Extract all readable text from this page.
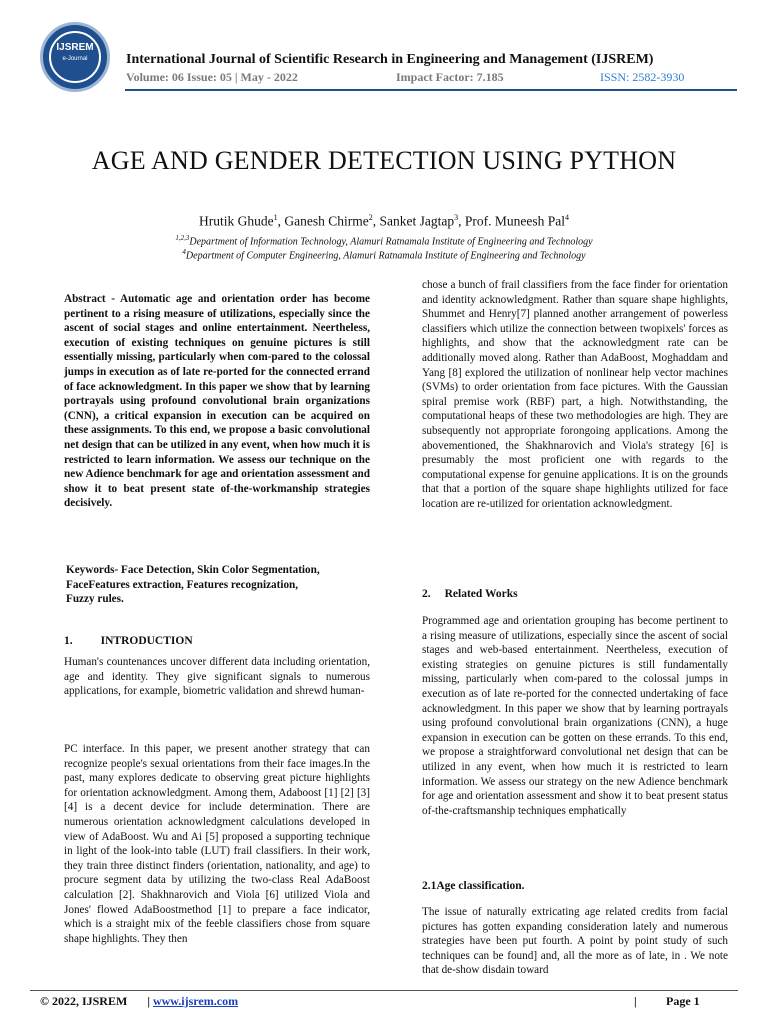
IJSREM
e-Journal	International Journal of Scientific Research in Engineering and Management (IJSREM)
Volume: 06 Issue: 05 | May - 2022	Impact Factor: 7.185	ISSN: 2582-3930
AGE AND GENDER DETECTION USING PYTHON
Hrutik Ghude$^1$, Ganesh Chirme$^2$, Sanket Jagtap$^3$, Prof. Muneesh Pal$^4$
$^{1,2,3}$Department of Information Technology, Alamuri Ratnamala Institute of Engineering and Technology
$^4$Department of Computer Engineering, Alamuri Ratnamala Institute of Engineering and Technology

Abstract - Automatic age and orientation order has become pertinent to a rising measure of utilizations, especially since the ascent of social stages and online entertainment. Neertheless, execution of existing techniques on genuine pictures is still essentially missing, particularly when com-pared to the colossal jumps in execution as of late re-ported for the connected errand of face acknowledgment. In this paper we show that by learning portrayals using profound convolutional brain organizations (CNN), a critical expansion in execution can be acquired on these assignments. To this end, we propose a basic convolutional net design that can be utilized in any event, when how much it is restricted to learn information. We assess our technique on the new Adience benchmark for age and orientation assessment and show it to beat present state of-the-workmanship strategies decisively.

Keywords- Face Detection, Skin Color Segmentation,

FaceFeatures extraction, Features recognization,

Fuzzy rules.

1. INTRODUCTION

Human's countenances uncover different data including orientation, age and identity. They give significant signals to numerous applications, for example, biometric validation and shrewd human-

PC interface. In this paper, we present another strategy that can recognize people's sexual orientations from their face images.In the past, many explores dedicate to observing great picture highlights for orientation acknowledgment. Among them, Adaboost [1] [2] [3] [4] is a decent device for include determination. There are numerous orientation acknowledgment calculations developed in view of AdaBoost. Wu and Ai [5] proposed a supporting technique in light of the look-into table (LUT) frail classifiers. In their work, they train three distinct finders (orientation, nationality, and age) to procure segment data by utilizing the two-class Real AdaBoost calculation [2]. Shakhnarovich and Viola [6] utilized Viola and Jones' flowed AdaBoostmethod [1] to prepare a face indicator, which is a straight mix of the feeble classifiers chose from square shape highlights. They then

chose a bunch of frail classifiers from the face finder for orientation and identity acknowledgment. Rather than square shape highlights, Shummet and Henry[7] planned another arrangement of powerless classifiers which utilize the connection between twopixels' forces as highlights, and show that the acknowledgment rate can be additionally moved along. Rather than AdaBoost, Moghaddam and Yang [8] explored the utilization of nonlinear help vector machines (SVMs) to order orientation from face pictures. With the Gaussian spiral premise work (RBF) part, a high. Notwithstanding, the computational heaps of these two methodologies are high. They are subsequently not appropriate forongoing applications. Among the abovementioned, the Shakhnarovich and Viola's strategy [6] is presumably the most proficient one with regards to the computational expense for genuine applications. It is on the grounds that that a portion of the square shape highlights utilized for face location are re-utilized for orientation acknowledgment.

2. Related Works

Programmed age and orientation grouping has become pertinent to a rising measure of utilizations, especially since the ascent of social stages and web-based entertainment. Neertheless, execution of existing strategies on genuine pictures is still fundamentally missing, particularly when com-pared to the colossal jumps in execution as of late re-ported for the connected undertaking of face acknowledgment. In this paper we show that by learning portrayals using profound convolutional brain organizations (CNN), a huge expansion in execution can be gotten on these errands. To this end, we propose a straightforward convolutional net design that can be utilized in any event, when how much it is restricted to learn information. We assess our strategy on the new Adience benchmark for age and orientation assessment and show it to beat present status of-the-craftsmanship techniques emphatically

2.1Age classification.

The issue of naturally extricating age related credits from facial pictures has gotten expanding consideration lately and numerous strategies have been put fourth. A point by point study of such techniques can be found] and, all the more as of late, in . We note that de-show disdain toward

© 2022, IJSREM | www.ijsrem.com	| Page 1
